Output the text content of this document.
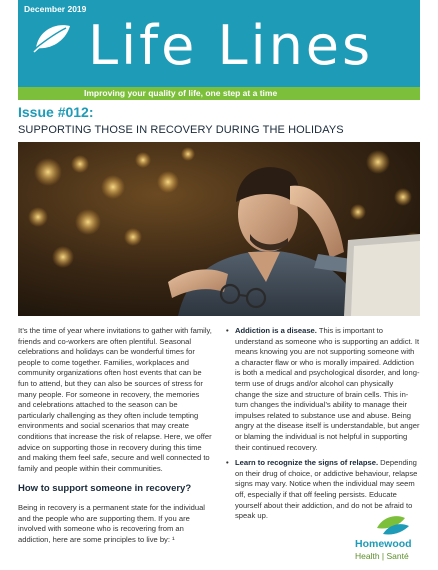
December 2019
Life Lines
Improving your quality of life, one step at a time
Issue #012:
SUPPORTING THOSE IN RECOVERY DURING THE HOLIDAYS

It’s the time of year where invitations to gather with family, friends and co-workers are often plentiful. Seasonal celebrations and holidays can be wonderful times for people to come together. Families, workplaces and community organizations often host events that can be fun to attend, but they can also be sources of stress for many people. For someone in recovery, the memories and celebrations attached to the season can be particularly challenging as they often include tempting environments and social scenarios that may create conditions that increase the risk of relapse. Here, we offer advice on supporting those in recovery during this time and making them feel safe, secure and well connected to family and people within their communities.

How to support someone in recovery?

Being in recovery is a permanent state for the individual and the people who are supporting them. If you are involved with someone who is recovering from an addiction, here are some principles to live by: ¹

• Addiction is a disease. This is important to understand as someone who is supporting an addict. It means knowing you are not supporting someone with a character flaw or who is morally impaired. Addiction is both a medical and psychological disorder, and long-term use of drugs and/or alcohol can physically change the size and structure of brain cells. This in-turn changes the individual’s ability to manage their impulses related to substance use and abuse. Being angry at the disease itself is understandable, but anger or blaming the individual is not helpful in supporting their continued recovery.
• Learn to recognize the signs of relapse. Depending on their drug of choice, or addictive behaviour, relapse signs may vary. Notice when the individual may seem off, especially if that off feeling persists. Educate yourself about their addiction, and do not be afraid to speak up.
Homewood
Health | Santé
